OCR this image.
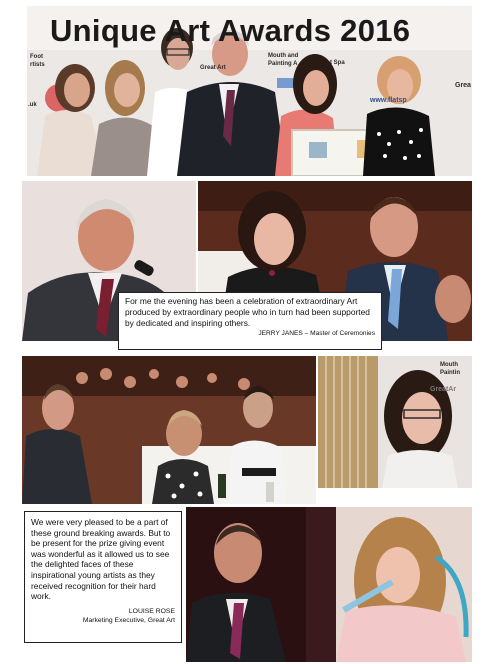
Unique Art Awards 2016
Foot
rtists
.uk
Great Art
Mouth and
Painting A	t Spa
www.flatsp
Grea
For me the evening has been a celebration of extraordinary Art produced by extraordinary people who in turn had been supported by dedicated and inspiring others.
JERRY JANES – Master of Ceremonies
Mouth
Paintin
GreatAr
We were very pleased to be a part of these ground breaking awards. But to be present for the prize giving event was wonderful as it allowed us to see the delighted faces of these inspirational young artists as they received recognition for their hard work.
LOUISE ROSE
Marketing Executive, Great Art
